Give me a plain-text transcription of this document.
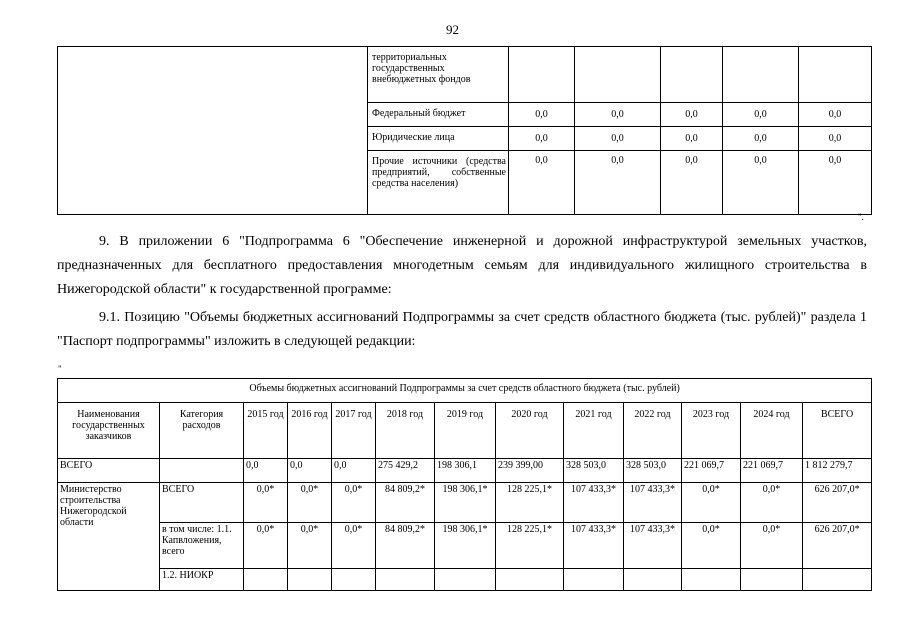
92
	территориальных государственных внебюджетных фондов					
	Федеральный бюджет	0,0	0,0	0,0	0,0	0,0
	Юридические лица	0,0	0,0	0,0	0,0	0,0
	Прочие источники (средства предприятий, собственные средства населения)	0,0	0,0	0,0	0,0	0,0
".

9. В приложении 6 "Подпрограмма 6 "Обеспечение инженерной и дорожной инфраструктурой земельных участков, предназначенных для бесплатного предоставления многодетным семьям для индивидуального жилищного строительства в Нижегородской области" к государственной программе:

9.1. Позицию "Объемы бюджетных ассигнований Подпрограммы за счет средств областного бюджета (тыс. рублей)" раздела 1 "Паспорт подпрограммы" изложить в следующей редакции:

"
Объемы бюджетных ассигнований Подпрограммы за счет средств областного бюджета (тыс. рублей)												
Наименования государственных заказчиков	Категория расходов	2015 год	2016 год	2017 год	2018 год	2019 год	2020 год	2021 год	2022 год	2023 год	2024 год	ВСЕГО
ВСЕГО		0,0	0,0	0,0	275 429,2	198 306,1	239 399,00	328 503,0	328 503,0	221 069,7	221 069,7	1 812 279,7
Министерство строительства Нижегородской области	ВСЕГО	0,0*	0,0*	0,0*	84 809,2*	198 306,1*	128 225,1*	107 433,3*	107 433,3*	0,0*	0,0*	626 207,0*
	в том числе: 1.1. Капвложения, всего	0,0*	0,0*	0,0*	84 809,2*	198 306,1*	128 225,1*	107 433,3*	107 433,3*	0,0*	0,0*	626 207,0*
	1.2. НИОКР											
